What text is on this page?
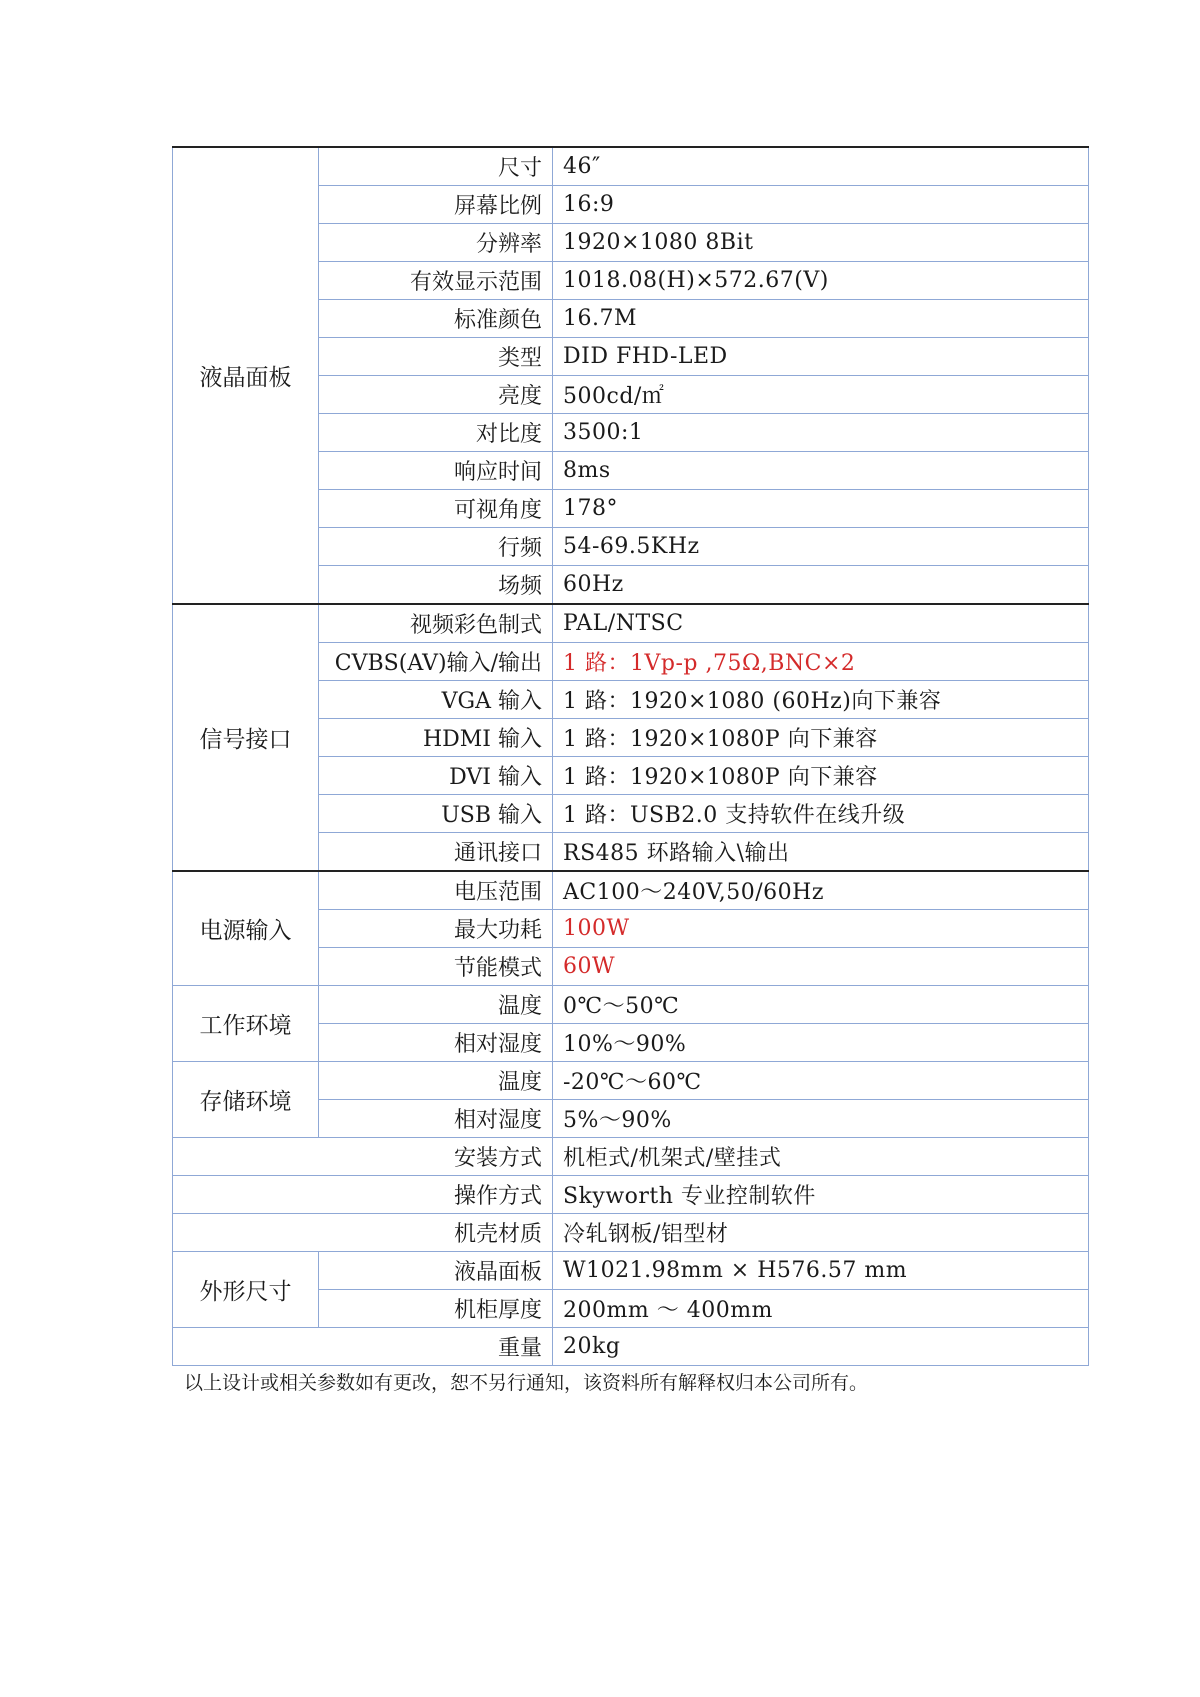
液晶面板	尺寸	46″
	屏幕比例	16:9
	分辨率	1920×1080 8Bit
	有效显示范围	1018.08(H)×572.67(V)
	标准颜色	16.7M
	类型	DID FHD-LED
	亮度	500cd/㎡
	对比度	3500:1
	响应时间	8ms
	可视角度	178°
	行频	54-69.5KHz
	场频	60Hz
信号接口	视频彩色制式	PAL/NTSC
	CVBS(AV)输入/输出	1 路：1Vp-p ,75Ω,BNC×2
	VGA 输入	1 路：1920×1080 (60Hz)向下兼容
	HDMI 输入	1 路：1920×1080P 向下兼容
	DVI 输入	1 路：1920×1080P 向下兼容
	USB 输入	1 路：USB2.0 支持软件在线升级
	通讯接口	RS485 环路输入\输出
电源输入	电压范围	AC100～240V,50/60Hz
	最大功耗	100W
	节能模式	60W
工作环境	温度	0℃～50℃
	相对湿度	10%～90%
存储环境	温度	-20℃～60℃
	相对湿度	5%～90%
安装方式		机柜式/机架式/壁挂式
操作方式		Skyworth 专业控制软件
机壳材质		冷轧钢板/铝型材
外形尺寸	液晶面板	W1021.98mm × H576.57 mm
	机柜厚度	200mm ～ 400mm
重量		20kg
以上设计或相关参数如有更改，恕不另行通知，该资料所有解释权归本公司所有。
